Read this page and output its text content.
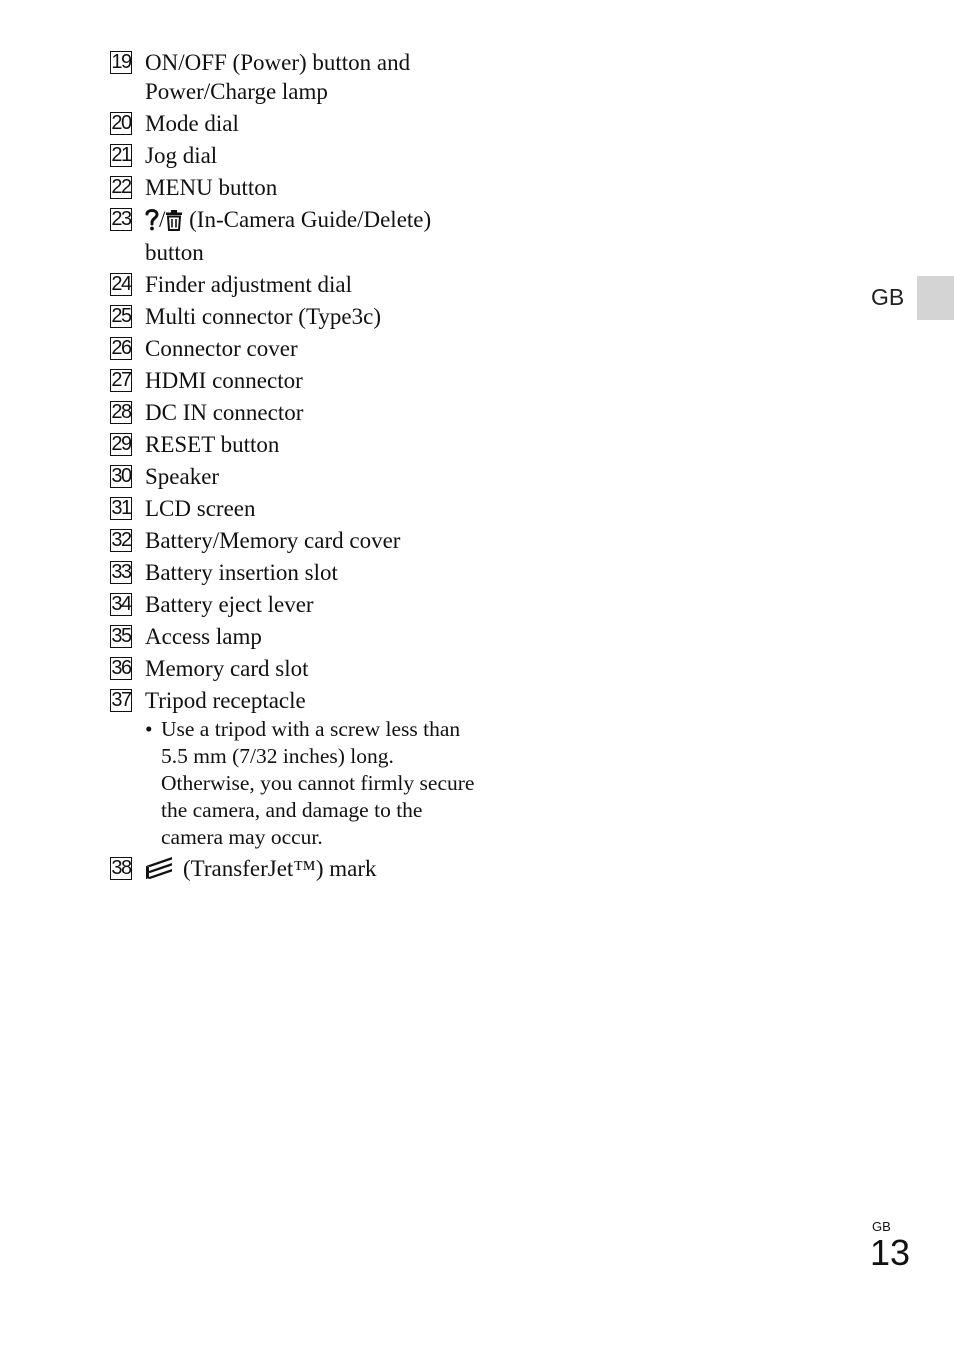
19 ON/OFF (Power) button and Power/Charge lamp
20 Mode dial
21 Jog dial
22 MENU button
23	/ (In-Camera Guide/Delete) button
24 Finder adjustment dial
25 Multi connector (Type3c)
26 Connector cover
27 HDMI connector
28 DC IN connector
29 RESET button
30 Speaker
31 LCD screen
32 Battery/Memory card cover
33 Battery insertion slot
34 Battery eject lever
35 Access lamp
36 Memory card slot
37 Tripod receptacle
• Use a tripod with a screw less than 5.5 mm (7/32 inches) long. Otherwise, you cannot firmly secure the camera, and damage to the camera may occur.
38	(TransferJet™) mark
GB
GB
13
